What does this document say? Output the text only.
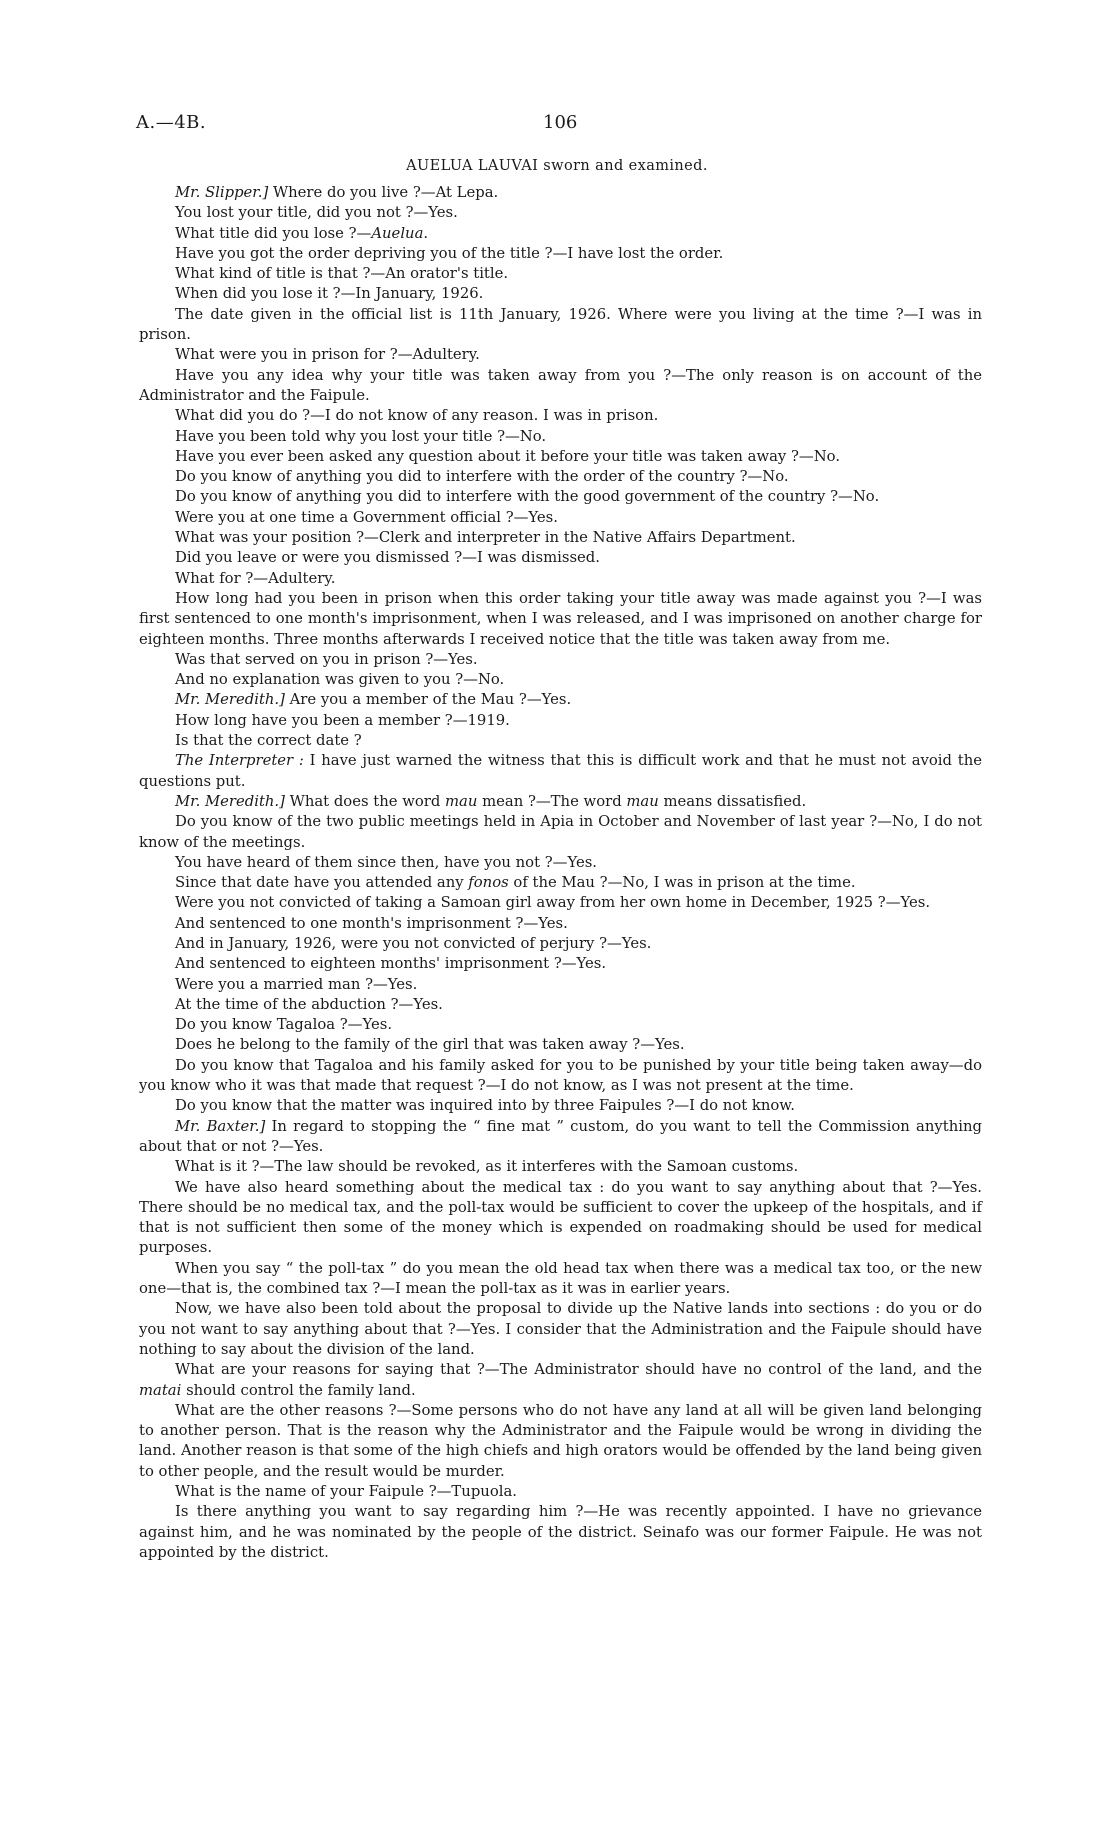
A.—4B.	106
AUELUA LAUVAI sworn and examined.

Mr. Slipper.] Where do you live ?—At Lepa.

You lost your title, did you not ?—Yes.

What title did you lose ?—Auelua.

Have you got the order depriving you of the title ?—I have lost the order.

What kind of title is that ?—An orator's title.

When did you lose it ?—In January, 1926.

The date given in the official list is 11th January, 1926. Where were you living at the time ?—I was in prison.

What were you in prison for ?—Adultery.

Have you any idea why your title was taken away from you ?—The only reason is on account of the Administrator and the Faipule.

What did you do ?—I do not know of any reason. I was in prison.

Have you been told why you lost your title ?—No.

Have you ever been asked any question about it before your title was taken away ?—No.

Do you know of anything you did to interfere with the order of the country ?—No.

Do you know of anything you did to interfere with the good government of the country ?—No.

Were you at one time a Government official ?—Yes.

What was your position ?—Clerk and interpreter in the Native Affairs Department.

Did you leave or were you dismissed ?—I was dismissed.

What for ?—Adultery.

How long had you been in prison when this order taking your title away was made against you ?—I was first sentenced to one month's imprisonment, when I was released, and I was imprisoned on another charge for eighteen months. Three months afterwards I received notice that the title was taken away from me.

Was that served on you in prison ?—Yes.

And no explanation was given to you ?—No.

Mr. Meredith.] Are you a member of the Mau ?—Yes.

How long have you been a member ?—1919.

Is that the correct date ?

The Interpreter : I have just warned the witness that this is difficult work and that he must not avoid the questions put.

Mr. Meredith.] What does the word mau mean ?—The word mau means dissatisfied.

Do you know of the two public meetings held in Apia in October and November of last year ?—No, I do not know of the meetings.

You have heard of them since then, have you not ?—Yes.

Since that date have you attended any fonos of the Mau ?—No, I was in prison at the time.

Were you not convicted of taking a Samoan girl away from her own home in December, 1925 ?—Yes.

And sentenced to one month's imprisonment ?—Yes.

And in January, 1926, were you not convicted of perjury ?—Yes.

And sentenced to eighteen months' imprisonment ?—Yes.

Were you a married man ?—Yes.

At the time of the abduction ?—Yes.

Do you know Tagaloa ?—Yes.

Does he belong to the family of the girl that was taken away ?—Yes.

Do you know that Tagaloa and his family asked for you to be punished by your title being taken away—do you know who it was that made that request ?—I do not know, as I was not present at the time.

Do you know that the matter was inquired into by three Faipules ?—I do not know.

Mr. Baxter.] In regard to stopping the “ fine mat ” custom, do you want to tell the Commission anything about that or not ?—Yes.

What is it ?—The law should be revoked, as it interferes with the Samoan customs.

We have also heard something about the medical tax : do you want to say anything about that ?—Yes. There should be no medical tax, and the poll-tax would be sufficient to cover the upkeep of the hospitals, and if that is not sufficient then some of the money which is expended on roadmaking should be used for medical purposes.

When you say “ the poll-tax ” do you mean the old head tax when there was a medical tax too, or the new one—that is, the combined tax ?—I mean the poll-tax as it was in earlier years.

Now, we have also been told about the proposal to divide up the Native lands into sections : do you or do you not want to say anything about that ?—Yes. I consider that the Administration and the Faipule should have nothing to say about the division of the land.

What are your reasons for saying that ?—The Administrator should have no control of the land, and the matai should control the family land.

What are the other reasons ?—Some persons who do not have any land at all will be given land belonging to another person. That is the reason why the Administrator and the Faipule would be wrong in dividing the land. Another reason is that some of the high chiefs and high orators would be offended by the land being given to other people, and the result would be murder.

What is the name of your Faipule ?—Tupuola.

Is there anything you want to say regarding him ?—He was recently appointed. I have no grievance against him, and he was nominated by the people of the district. Seinafo was our former Faipule. He was not appointed by the district.
